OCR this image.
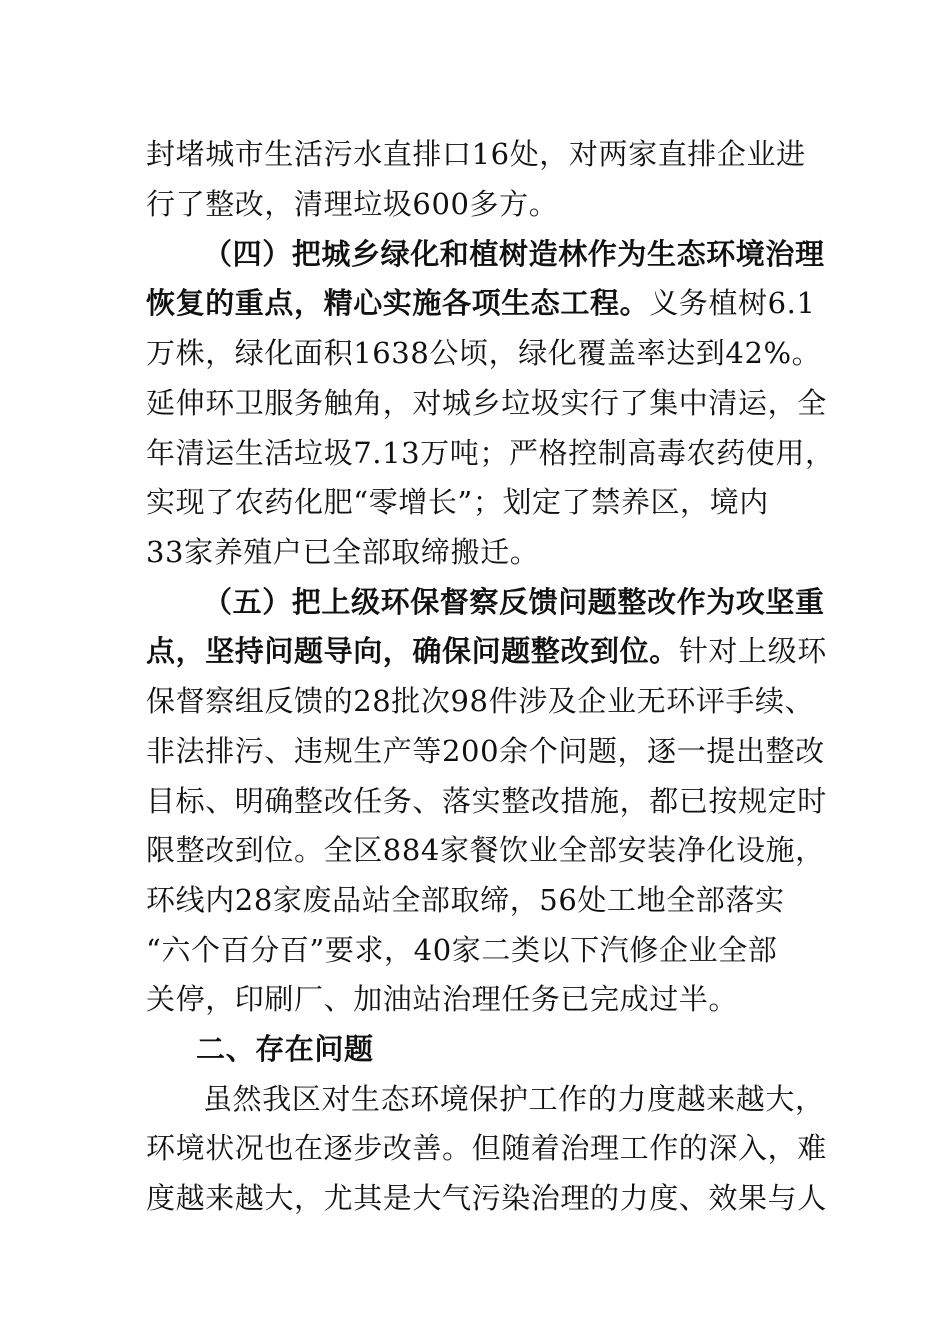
封堵城市生活污水直排口16处，对两家直排企业进
行了整改，清理垃圾600多方。
（四）把城乡绿化和植树造林作为生态环境治理
恢复的重点，精心实施各项生态工程。义务植树6.1
万株，绿化面积1638公顷，绿化覆盖率达到42%。
延伸环卫服务触角，对城乡垃圾实行了集中清运，全
年清运生活垃圾7.13万吨；严格控制高毒农药使用，
实现了农药化肥“零增长”；划定了禁养区，境内
33家养殖户已全部取缔搬迁。
（五）把上级环保督察反馈问题整改作为攻坚重
点，坚持问题导向，确保问题整改到位。针对上级环
保督察组反馈的28批次98件涉及企业无环评手续、
非法排污、违规生产等200余个问题，逐一提出整改
目标、明确整改任务、落实整改措施，都已按规定时
限整改到位。全区884家餐饮业全部安装净化设施，
环线内28家废品站全部取缔，56处工地全部落实
“六个百分百”要求，40家二类以下汽修企业全部
关停，印刷厂、加油站治理任务已完成过半。
二、存在问题
虽然我区对生态环境保护工作的力度越来越大，
环境状况也在逐步改善。但随着治理工作的深入，难
度越来越大，尤其是大气污染治理的力度、效果与人
